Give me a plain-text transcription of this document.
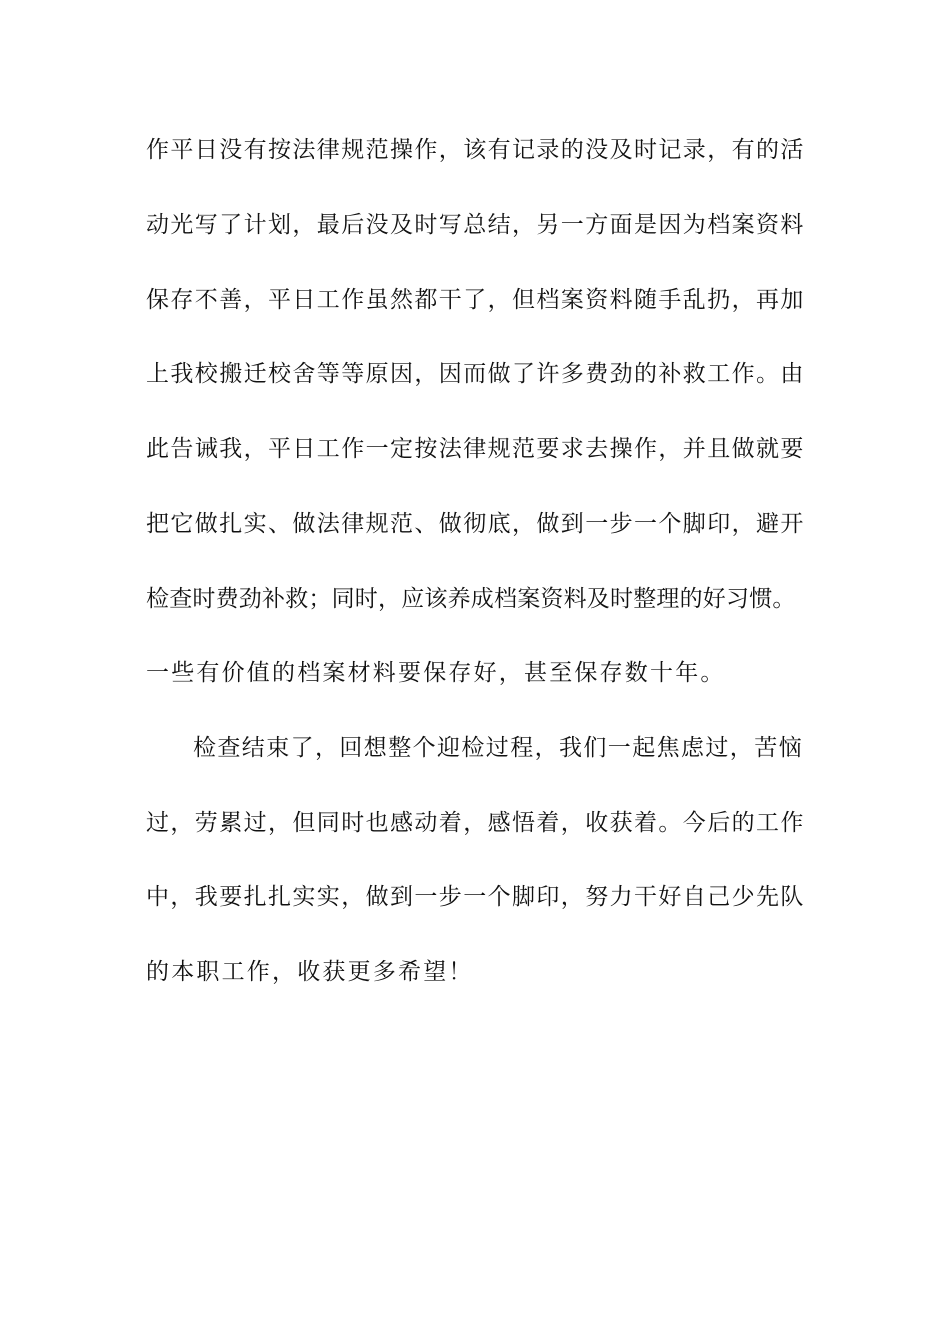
作平日没有按法律规范操作，该有记录的没及时记录，有的活

动光写了计划，最后没及时写总结，另一方面是因为档案资料

保存不善，平日工作虽然都干了，但档案资料随手乱扔，再加

上我校搬迁校舍等等原因，因而做了许多费劲的补救工作。由

此告诫我，平日工作一定按法律规范要求去操作，并且做就要

把它做扎实、做法律规范、做彻底，做到一步一个脚印，避开

检查时费劲补救；同时，应该养成档案资料及时整理的好习惯。

一些有价值的档案材料要保存好，甚至保存数十年。

检查结束了，回想整个迎检过程，我们一起焦虑过，苦恼

过，劳累过，但同时也感动着，感悟着，收获着。今后的工作

中，我要扎扎实实，做到一步一个脚印，努力干好自己少先队

的本职工作，收获更多希望！
